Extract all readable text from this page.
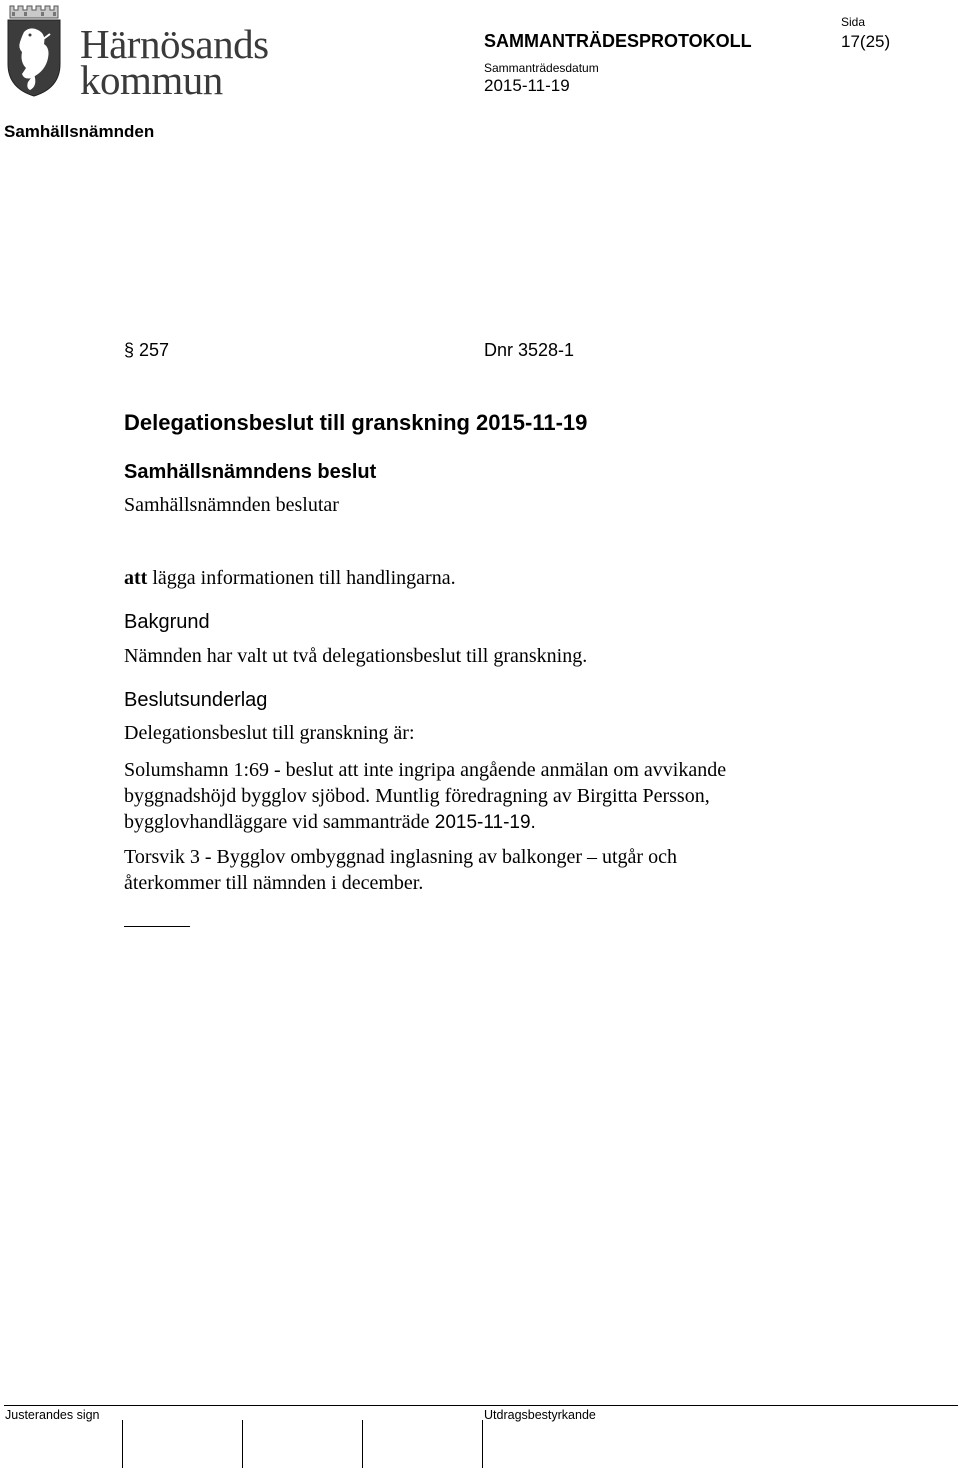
Härnösands
kommun
SAMMANTRÄDESPROTOKOLL
Sida
17(25)
Sammanträdesdatum
2015-11-19
Samhällsnämnden
§ 257	Dnr 3528-1
Delegationsbeslut till granskning 2015-11-19
Samhällsnämndens beslut
Samhällsnämnden beslutar
att lägga informationen till handlingarna.
Bakgrund
Nämnden har valt ut två delegationsbeslut till granskning.
Beslutsunderlag
Delegationsbeslut till granskning är:
Solumshamn 1:69 - beslut att inte ingripa angående anmälan om avvikande
byggnadshöjd bygglov sjöbod. Muntlig föredragning av Birgitta Persson,
bygglovhandläggare vid sammanträde 2015-11-19.
Torsvik 3 - Bygglov ombyggnad inglasning av balkonger – utgår och
återkommer till nämnden i december.
Justerandes sign	Utdragsbestyrkande
